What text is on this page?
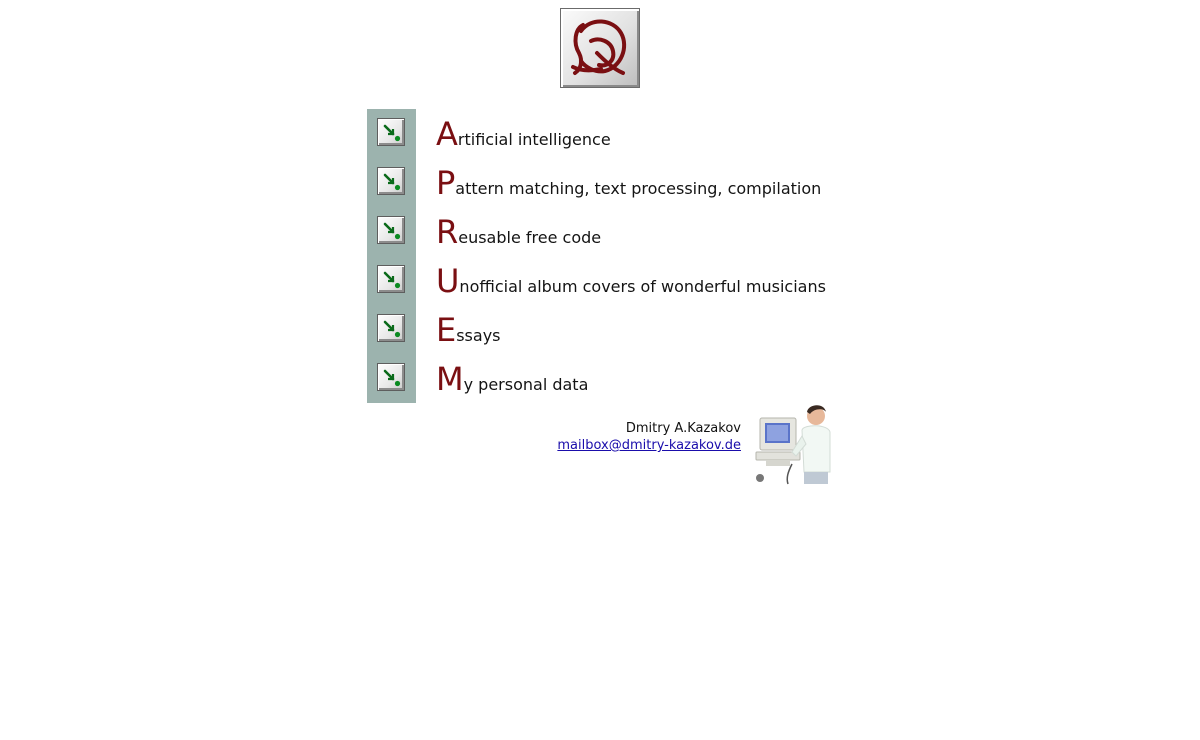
Artificial intelligence
Pattern matching, text processing, compilation
Reusable free code
Unofficial album covers of wonderful musicians
Essays
My personal data
Dmitry A.Kazakov
mailbox@dmitry-kazakov.de
